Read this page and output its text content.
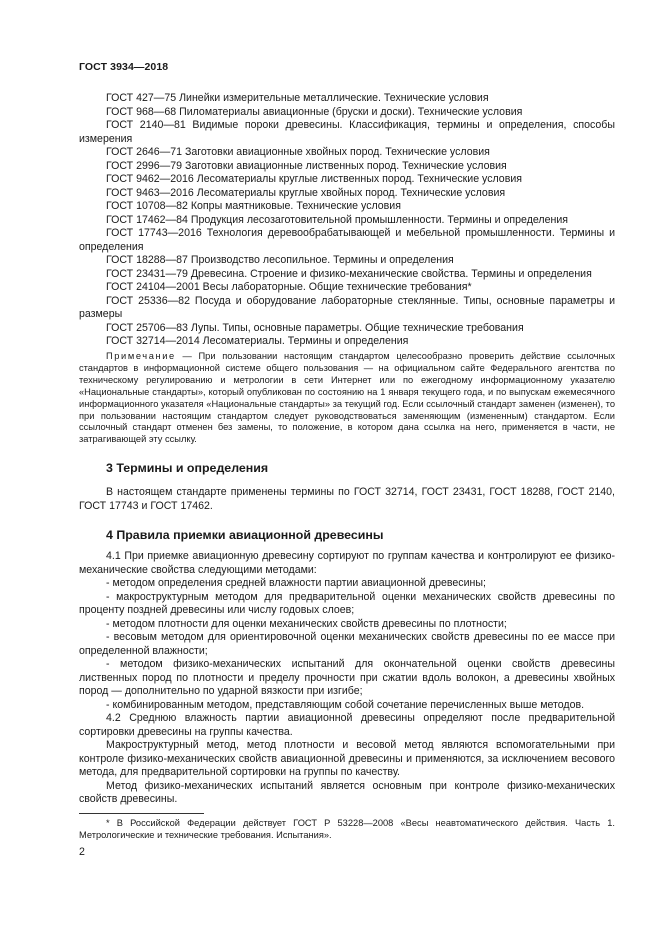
ГОСТ 3934—2018
ГОСТ 427—75 Линейки измерительные металлические. Технические условия
ГОСТ 968—68 Пиломатериалы авиационные (бруски и доски). Технические условия
ГОСТ 2140—81 Видимые пороки древесины. Классификация, термины и определения, способы измерения
ГОСТ 2646—71 Заготовки авиационные хвойных пород. Технические условия
ГОСТ 2996—79 Заготовки авиационные лиственных пород. Технические условия
ГОСТ 9462—2016 Лесоматериалы круглые лиственных пород. Технические условия
ГОСТ 9463—2016 Лесоматериалы круглые хвойных пород. Технические условия
ГОСТ 10708—82 Копры маятниковые. Технические условия
ГОСТ 17462—84 Продукция лесозаготовительной промышленности. Термины и определения
ГОСТ 17743—2016 Технология деревообрабатывающей и мебельной промышленности. Термины и определения
ГОСТ 18288—87 Производство лесопильное. Термины и определения
ГОСТ 23431—79 Древесина. Строение и физико-механические свойства. Термины и определения
ГОСТ 24104—2001 Весы лабораторные. Общие технические требования*
ГОСТ 25336—82 Посуда и оборудование лабораторные стеклянные. Типы, основные параметры и размеры
ГОСТ 25706—83 Лупы. Типы, основные параметры. Общие технические требования
ГОСТ 32714—2014 Лесоматериалы. Термины и определения

Примечание — При пользовании настоящим стандартом целесообразно проверить действие ссылочных стандартов в информационной системе общего пользования — на официальном сайте Федерального агентства по техническому регулированию и метрологии в сети Интернет или по ежегодному информационному указателю «Национальные стандарты», который опубликован по состоянию на 1 января текущего года, и по выпускам ежемесячного информационного указателя «Национальные стандарты» за текущий год. Если ссылочный стандарт заменен (изменен), то при пользовании настоящим стандартом следует руководствоваться заменяющим (измененным) стандартом. Если ссылочный стандарт отменен без замены, то положение, в котором дана ссылка на него, применяется в части, не затрагивающей эту ссылку.

3 Термины и определения

В настоящем стандарте применены термины по ГОСТ 32714, ГОСТ 23431, ГОСТ 18288, ГОСТ 2140, ГОСТ 17743 и ГОСТ 17462.

4 Правила приемки авиационной древесины

4.1 При приемке авиационную древесину сортируют по группам качества и контролируют ее физико-механические свойства следующими методами:

- методом определения средней влажности партии авиационной древесины;

- макроструктурным методом для предварительной оценки механических свойств древесины по проценту поздней древесины или числу годовых слоев;

- методом плотности для оценки механических свойств древесины по плотности;

- весовым методом для ориентировочной оценки механических свойств древесины по ее массе при определенной влажности;

- методом физико-механических испытаний для окончательной оценки свойств древесины лиственных пород по плотности и пределу прочности при сжатии вдоль волокон, а древесины хвойных пород — дополнительно по ударной вязкости при изгибе;

- комбинированным методом, представляющим собой сочетание перечисленных выше методов.

4.2 Среднюю влажность партии авиационной древесины определяют после предварительной сортировки древесины на группы качества.

Макроструктурный метод, метод плотности и весовой метод являются вспомогательными при контроле физико-механических свойств авиационной древесины и применяются, за исключением весового метода, для предварительной сортировки на группы по качеству.

Метод физико-механических испытаний является основным при контроле физико-механических свойств древесины.

* В Российской Федерации действует ГОСТ Р 53228—2008 «Весы неавтоматического действия. Часть 1. Метрологические и технические требования. Испытания».

2
